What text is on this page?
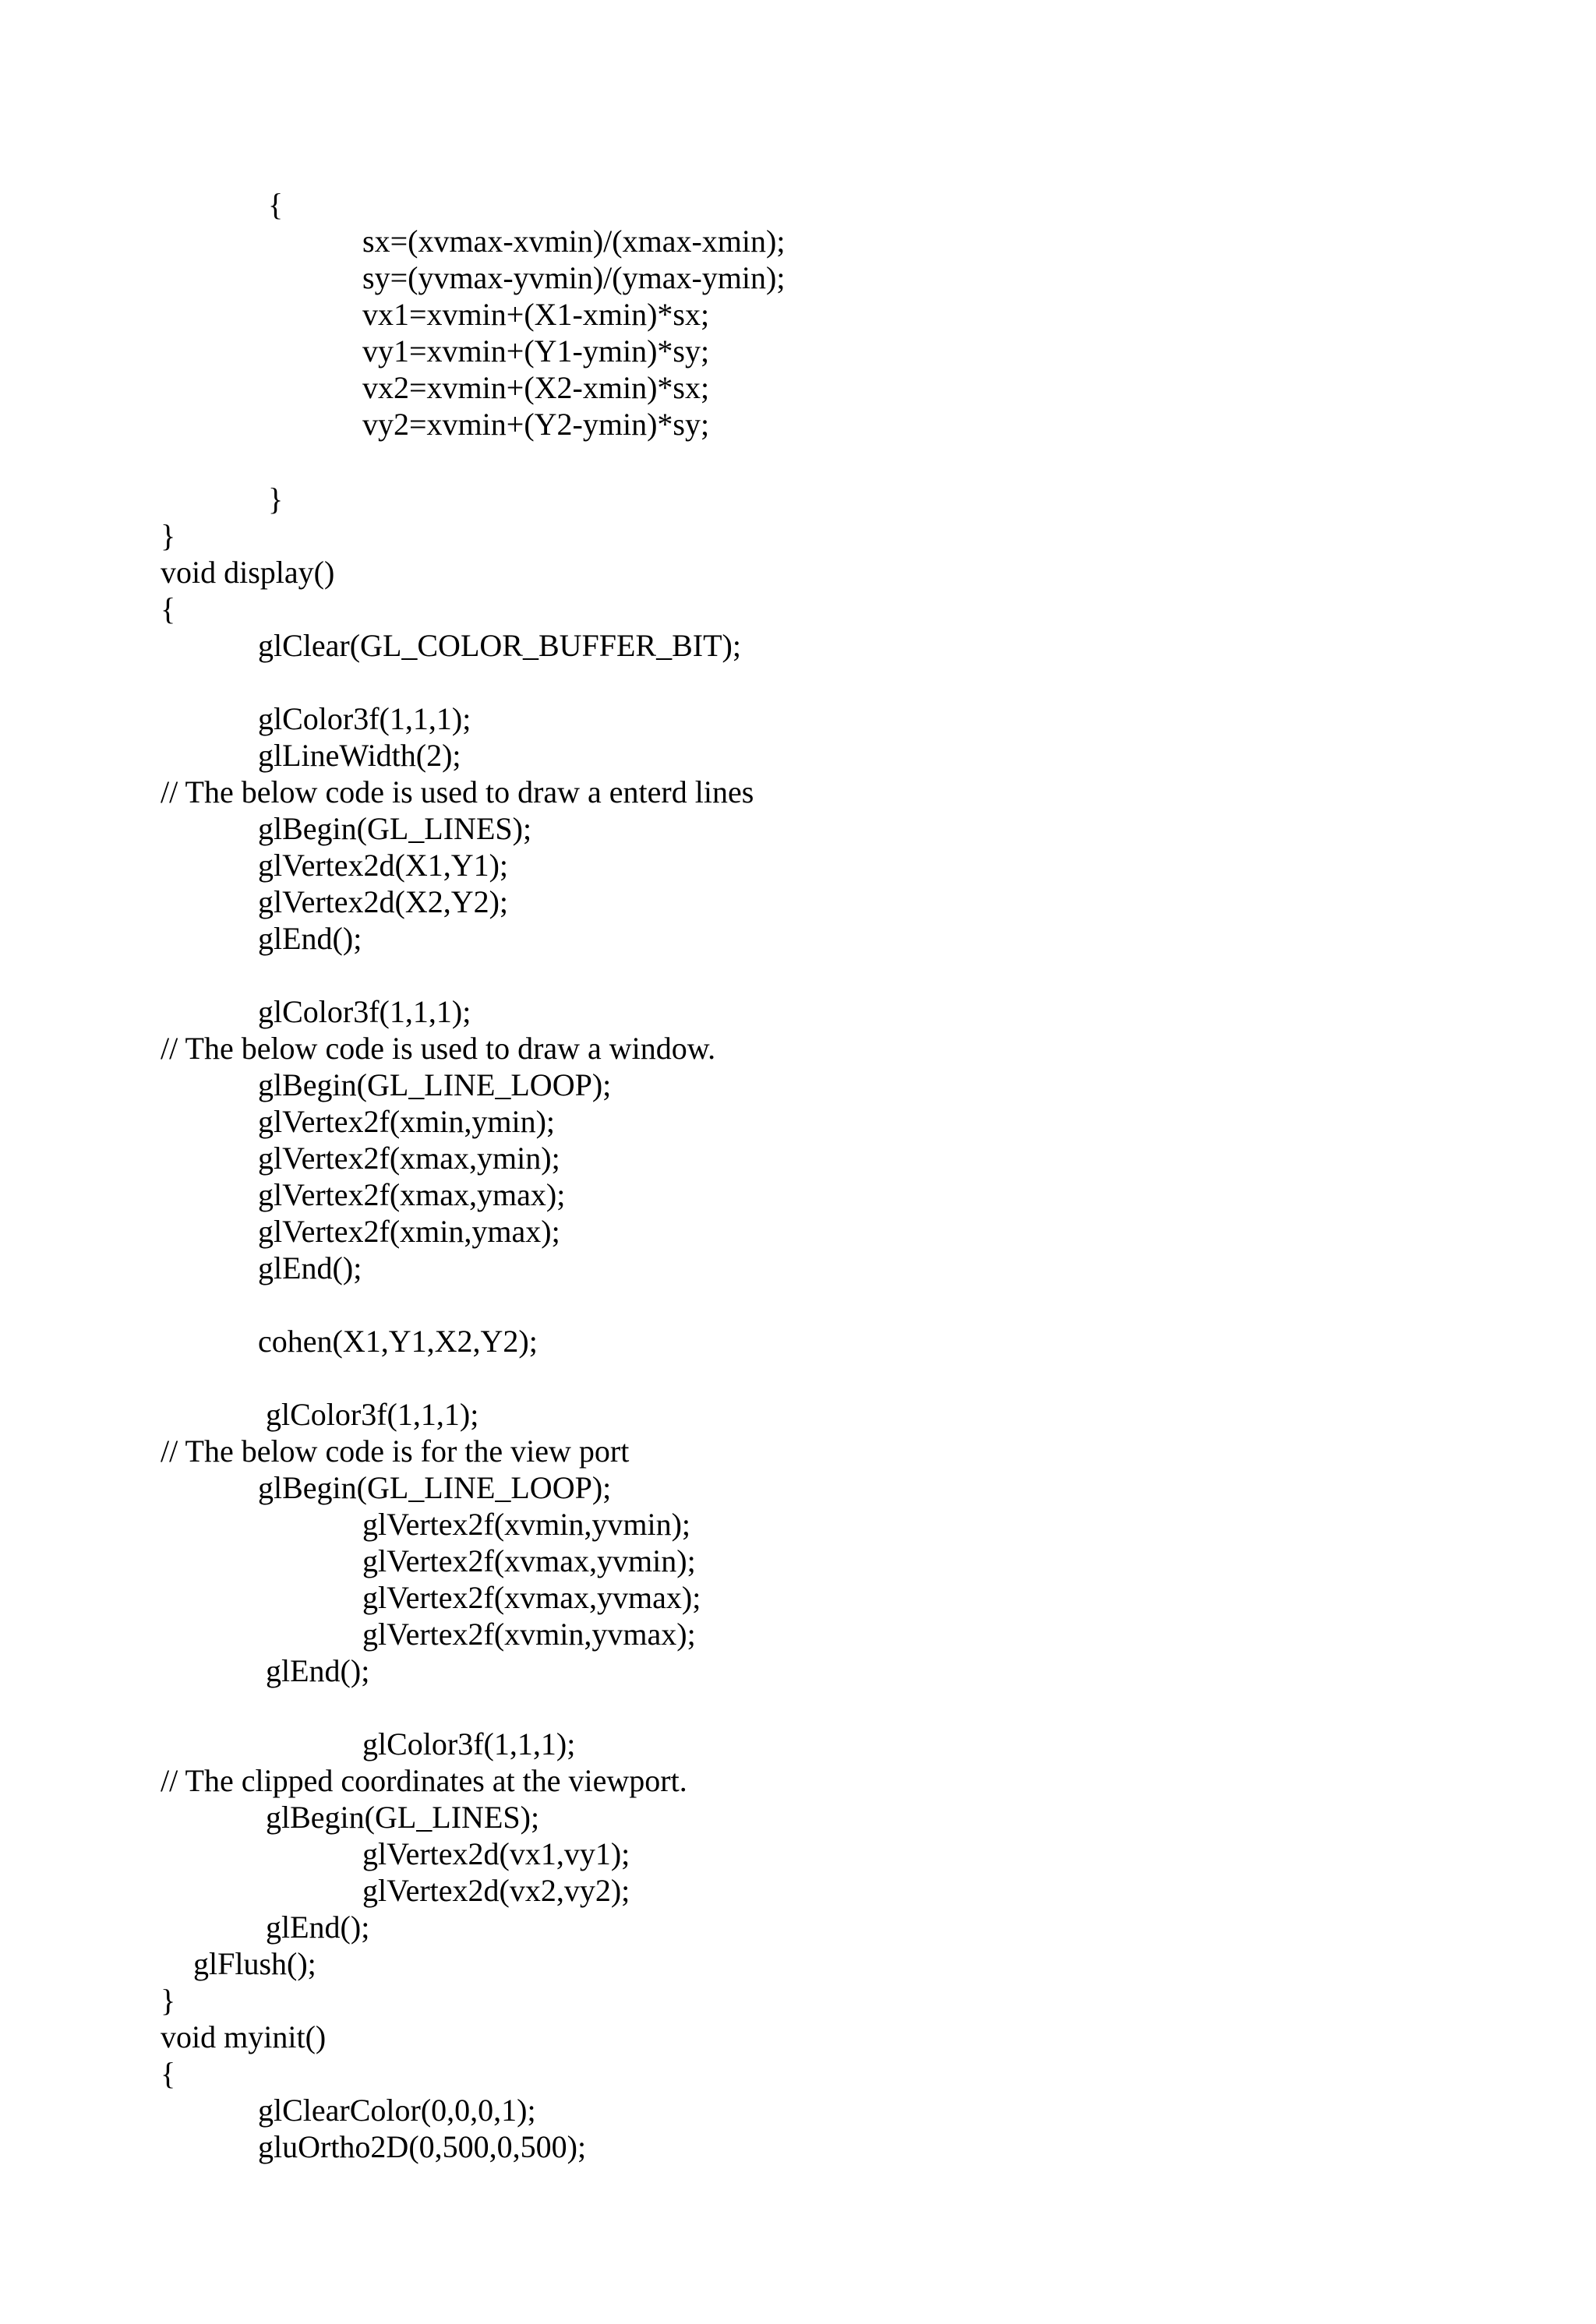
{
sx=(xvmax-xvmin)/(xmax-xmin);
sy=(yvmax-yvmin)/(ymax-ymin);
vx1=xvmin+(X1-xmin)*sx;
vy1=xvmin+(Y1-ymin)*sy;
vx2=xvmin+(X2-xmin)*sx;
vy2=xvmin+(Y2-ymin)*sy;
}
}
void display()
{
glClear(GL_COLOR_BUFFER_BIT);
glColor3f(1,1,1);
glLineWidth(2);
// The below code is used to draw a enterd lines
glBegin(GL_LINES);
glVertex2d(X1,Y1);
glVertex2d(X2,Y2);
glEnd();
glColor3f(1,1,1);
// The below code is used to draw a window.
glBegin(GL_LINE_LOOP);
glVertex2f(xmin,ymin);
glVertex2f(xmax,ymin);
glVertex2f(xmax,ymax);
glVertex2f(xmin,ymax);
glEnd();
cohen(X1,Y1,X2,Y2);
glColor3f(1,1,1);
// The below code is for the view port
glBegin(GL_LINE_LOOP);
glVertex2f(xvmin,yvmin);
glVertex2f(xvmax,yvmin);
glVertex2f(xvmax,yvmax);
glVertex2f(xvmin,yvmax);
glEnd();
glColor3f(1,1,1);
// The clipped coordinates at the viewport.
glBegin(GL_LINES);
glVertex2d(vx1,vy1);
glVertex2d(vx2,vy2);
glEnd();
glFlush();
}
void myinit()
{
glClearColor(0,0,0,1);
gluOrtho2D(0,500,0,500);
